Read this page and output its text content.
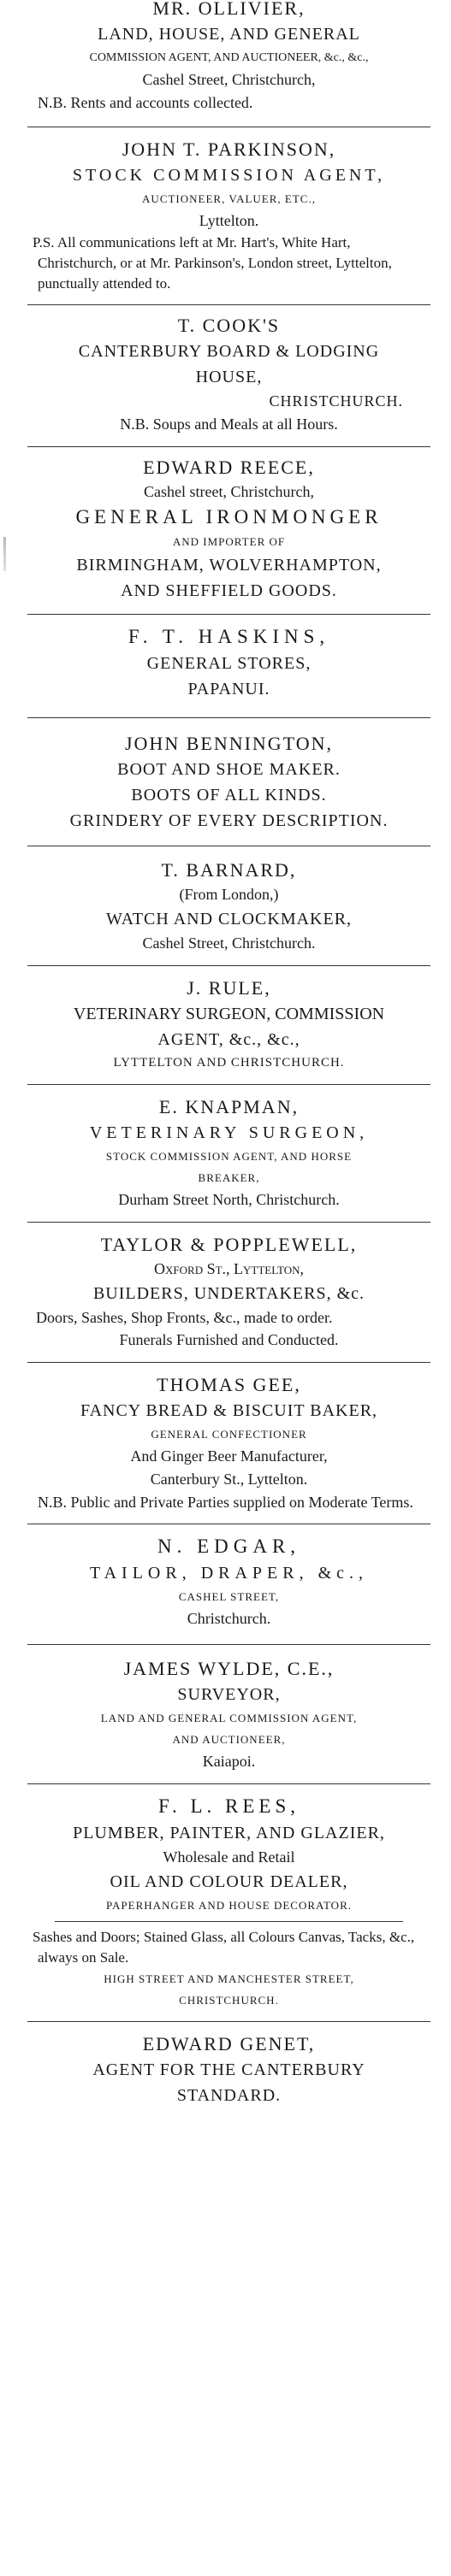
MR. OLLIVIER,
LAND, HOUSE, AND GENERAL
COMMISSION AGENT, AND AUCTIONEER, &c., &c.,
Cashel Street, Christchurch,
N.B. Rents and accounts collected.
JOHN T. PARKINSON,
STOCK COMMISSION AGENT,
AUCTIONEER, VALUER, ETC.,
Lyttelton.
P.S. All communications left at Mr. Hart's, White Hart, Christchurch, or at Mr. Parkinson's, London street, Lyttelton, punctually attended to.
T. COOK'S
CANTERBURY BOARD & LODGING
HOUSE,
CHRISTCHURCH.
N.B. Soups and Meals at all Hours.
EDWARD REECE,
Cashel street, Christchurch,
GENERAL IRONMONGER
AND IMPORTER OF
BIRMINGHAM, WOLVERHAMPTON,
AND SHEFFIELD GOODS.
F. T. HASKINS,
GENERAL STORES,
PAPANUI.
JOHN BENNINGTON,
BOOT AND SHOE MAKER.
BOOTS OF ALL KINDS.
GRINDERY OF EVERY DESCRIPTION.
T. BARNARD,
(From London,)
WATCH AND CLOCKMAKER,
Cashel Street, Christchurch.
J. RULE,
VETERINARY SURGEON, COMMISSION
AGENT, &c., &c.,
LYTTELTON AND CHRISTCHURCH.
E. KNAPMAN,
VETERINARY SURGEON,
STOCK COMMISSION AGENT, AND HORSE
BREAKER,
Durham Street North, Christchurch.
TAYLOR & POPPLEWELL,
Oxford St., Lyttelton,
BUILDERS, UNDERTAKERS, &c.
Doors, Sashes, Shop Fronts, &c., made to order.
Funerals Furnished and Conducted.
THOMAS GEE,
FANCY BREAD & BISCUIT BAKER,
GENERAL CONFECTIONER
And Ginger Beer Manufacturer,
Canterbury St., Lyttelton.
N.B. Public and Private Parties supplied on Moderate Terms.
N. EDGAR,
TAILOR, DRAPER, &c.,
CASHEL STREET,
Christchurch.
JAMES WYLDE, C.E.,
SURVEYOR,
LAND AND GENERAL COMMISSION AGENT,
AND AUCTIONEER,
Kaiapoi.
F. L. REES,
PLUMBER, PAINTER, AND GLAZIER,
Wholesale and Retail
OIL AND COLOUR DEALER,
PAPERHANGER AND HOUSE DECORATOR.
Sashes and Doors; Stained Glass, all Colours Canvas, Tacks, &c., always on Sale.
HIGH STREET AND MANCHESTER STREET,
CHRISTCHURCH.
EDWARD GENET,
AGENT FOR THE CANTERBURY
STANDARD.
